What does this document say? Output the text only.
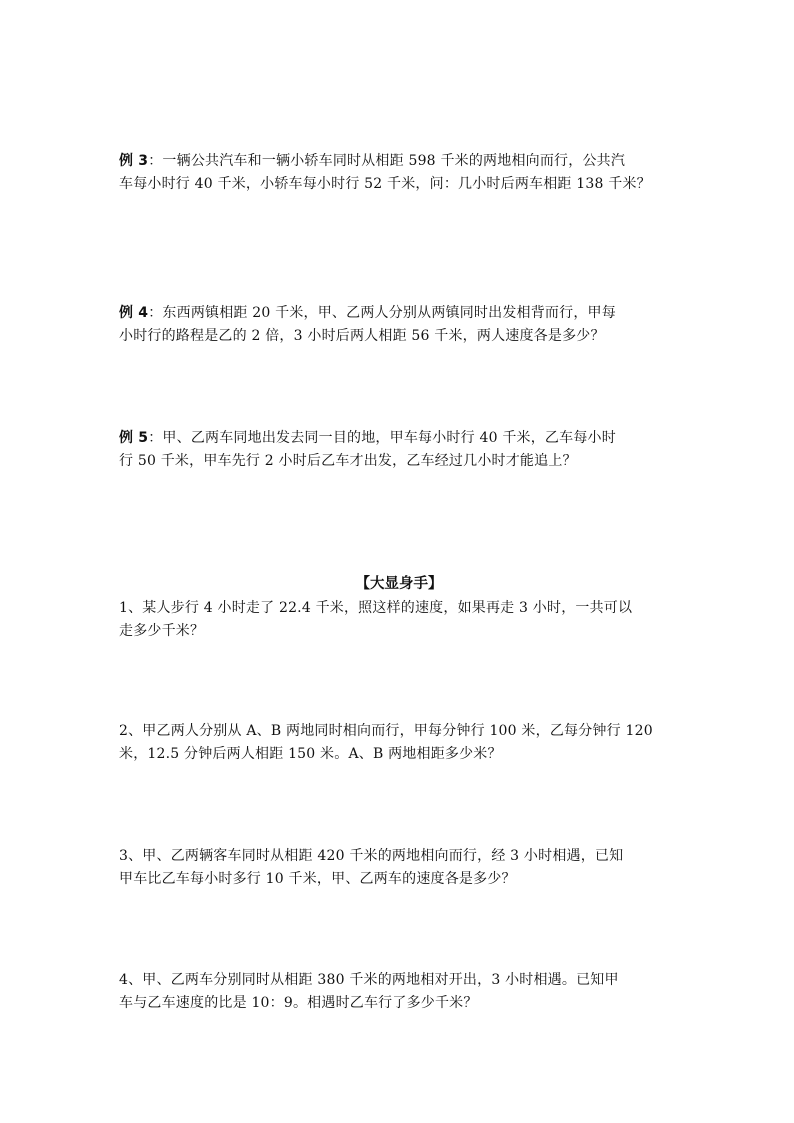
例 3：一辆公共汽车和一辆小轿车同时从相距 598 千米的两地相向而行，公共汽
车每小时行 40 千米，小轿车每小时行 52 千米，问：几小时后两车相距 138 千米？
例 4：东西两镇相距 20 千米，甲、乙两人分别从两镇同时出发相背而行，甲每
小时行的路程是乙的 2 倍，3 小时后两人相距 56 千米，两人速度各是多少？
例 5：甲、乙两车同地出发去同一目的地，甲车每小时行 40 千米，乙车每小时
行 50 千米，甲车先行 2 小时后乙车才出发，乙车经过几小时才能追上？
【大显身手】
1、某人步行 4 小时走了 22.4 千米，照这样的速度，如果再走 3 小时，一共可以
走多少千米？
2、甲乙两人分别从 A、B 两地同时相向而行，甲每分钟行 100 米，乙每分钟行 120
米，12.5 分钟后两人相距 150 米。A、B 两地相距多少米？
3、甲、乙两辆客车同时从相距 420 千米的两地相向而行，经 3 小时相遇，已知
甲车比乙车每小时多行 10 千米，甲、乙两车的速度各是多少？
4、甲、乙两车分别同时从相距 380 千米的两地相对开出，3 小时相遇。已知甲
车与乙车速度的比是 10：9。相遇时乙车行了多少千米？
